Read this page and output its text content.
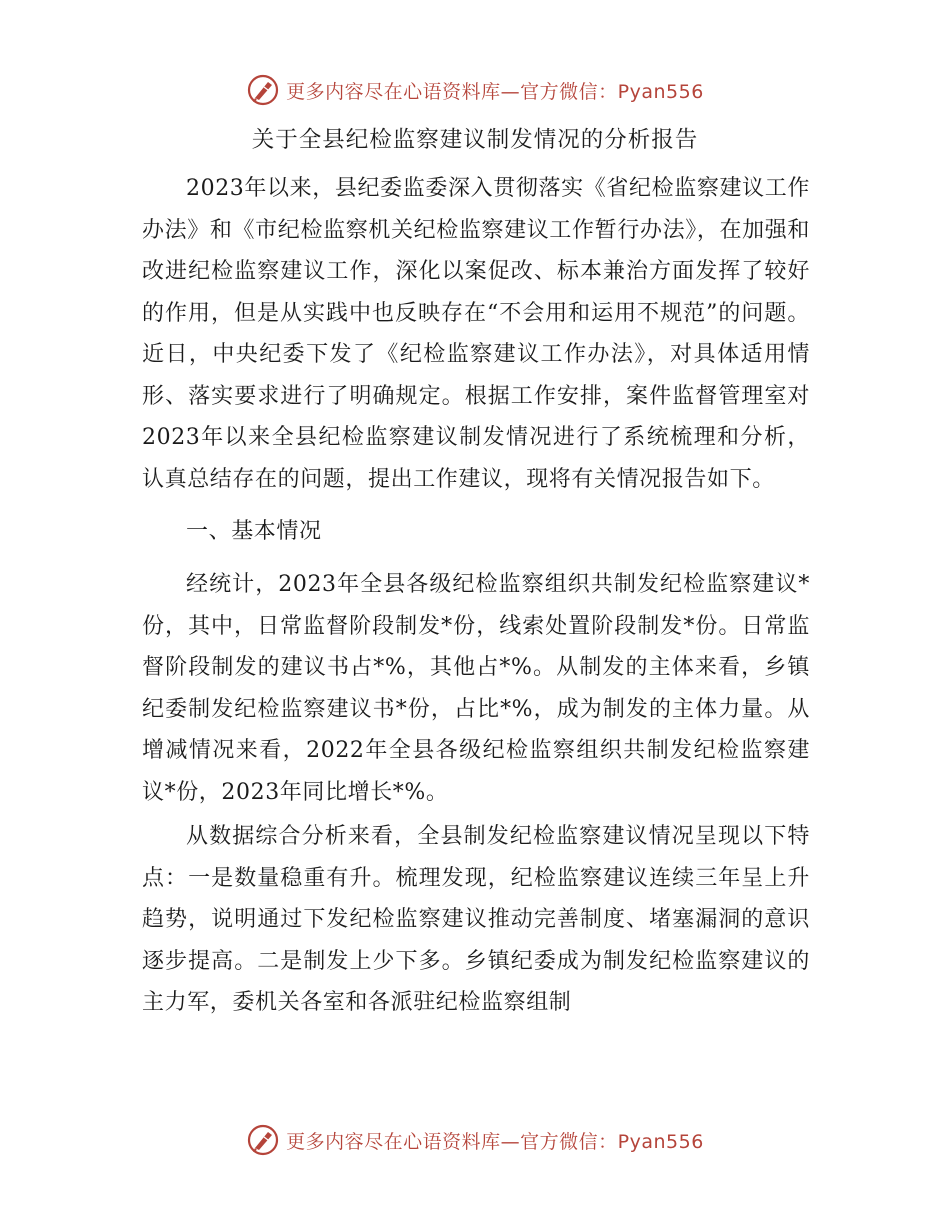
更多内容尽在心语资料库—官方微信：Pyan556
关于全县纪检监察建议制发情况的分析报告

2023年以来，县纪委监委深入贯彻落实《省纪检监察建议工作办法》和《市纪检监察机关纪检监察建议工作暂行办法》，在加强和改进纪检监察建议工作，深化以案促改、标本兼治方面发挥了较好的作用，但是从实践中也反映存在“不会用和运用不规范”的问题。近日，中央纪委下发了《纪检监察建议工作办法》，对具体适用情形、落实要求进行了明确规定。根据工作安排，案件监督管理室对2023年以来全县纪检监察建议制发情况进行了系统梳理和分析，认真总结存在的问题，提出工作建议，现将有关情况报告如下。

一、基本情况

经统计，2023年全县各级纪检监察组织共制发纪检监察建议*份，其中，日常监督阶段制发*份，线索处置阶段制发*份。日常监督阶段制发的建议书占*%，其他占*%。从制发的主体来看，乡镇纪委制发纪检监察建议书*份，占比*%，成为制发的主体力量。从增减情况来看，2022年全县各级纪检监察组织共制发纪检监察建议*份，2023年同比增长*%。

从数据综合分析来看，全县制发纪检监察建议情况呈现以下特点：一是数量稳重有升。梳理发现，纪检监察建议连续三年呈上升趋势，说明通过下发纪检监察建议推动完善制度、堵塞漏洞的意识逐步提高。二是制发上少下多。乡镇纪委成为制发纪检监察建议的主力军，委机关各室和各派驻纪检监察组制

更多内容尽在心语资料库—官方微信：Pyan556
